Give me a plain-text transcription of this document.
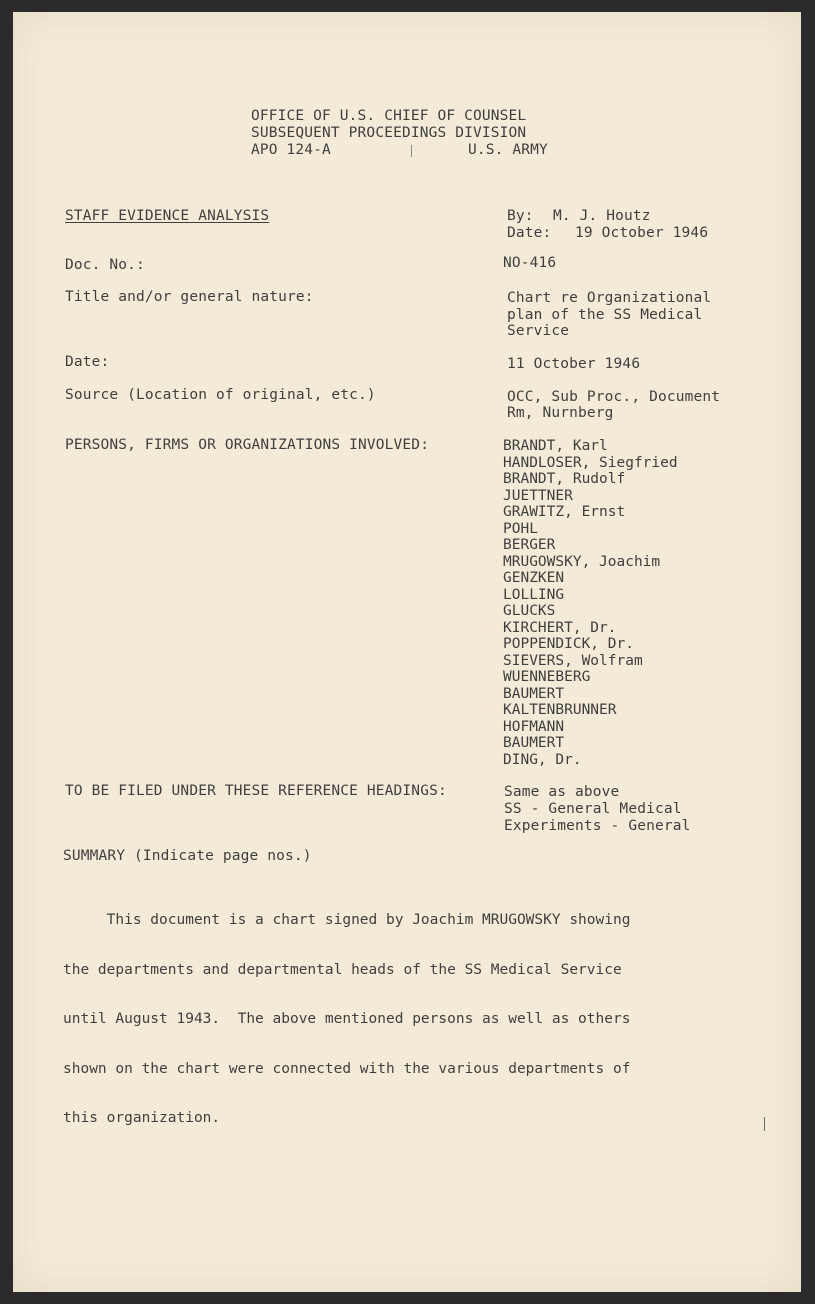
OFFICE OF U.S. CHIEF OF COUNSEL
SUBSEQUENT PROCEEDINGS DIVISION
APO 124-A	U.S. ARMY
STAFF EVIDENCE ANALYSIS	By: M. J. Houtz
Date: 19 October 1946
Doc. No.:	NO-416
Title and/or general nature:	Chart re Organizational
plan of the SS Medical
Service
Date:	11 October 1946
Source (Location of original, etc.)	OCC, Sub Proc., Document
Rm, Nurnberg
PERSONS, FIRMS OR ORGANIZATIONS INVOLVED:	BRANDT, Karl
HANDLOSER, Siegfried
BRANDT, Rudolf
JUETTNER
GRAWITZ, Ernst
POHL
BERGER
MRUGOWSKY, Joachim
GENZKEN
LOLLING
GLUCKS
KIRCHERT, Dr.
POPPENDICK, Dr.
SIEVERS, Wolfram
WUENNEBERG
BAUMERT
KALTENBRUNNER
HOFMANN
BAUMERT
DING, Dr.
TO BE FILED UNDER THESE REFERENCE HEADINGS:	Same as above
SS - General Medical
Experiments - General
SUMMARY (Indicate page nos.)

This document is a chart signed by Joachim MRUGOWSKY showing

the departments and departmental heads of the SS Medical Service

until August 1943.  The above mentioned persons as well as others

shown on the chart were connected with the various departments of

this organization.
